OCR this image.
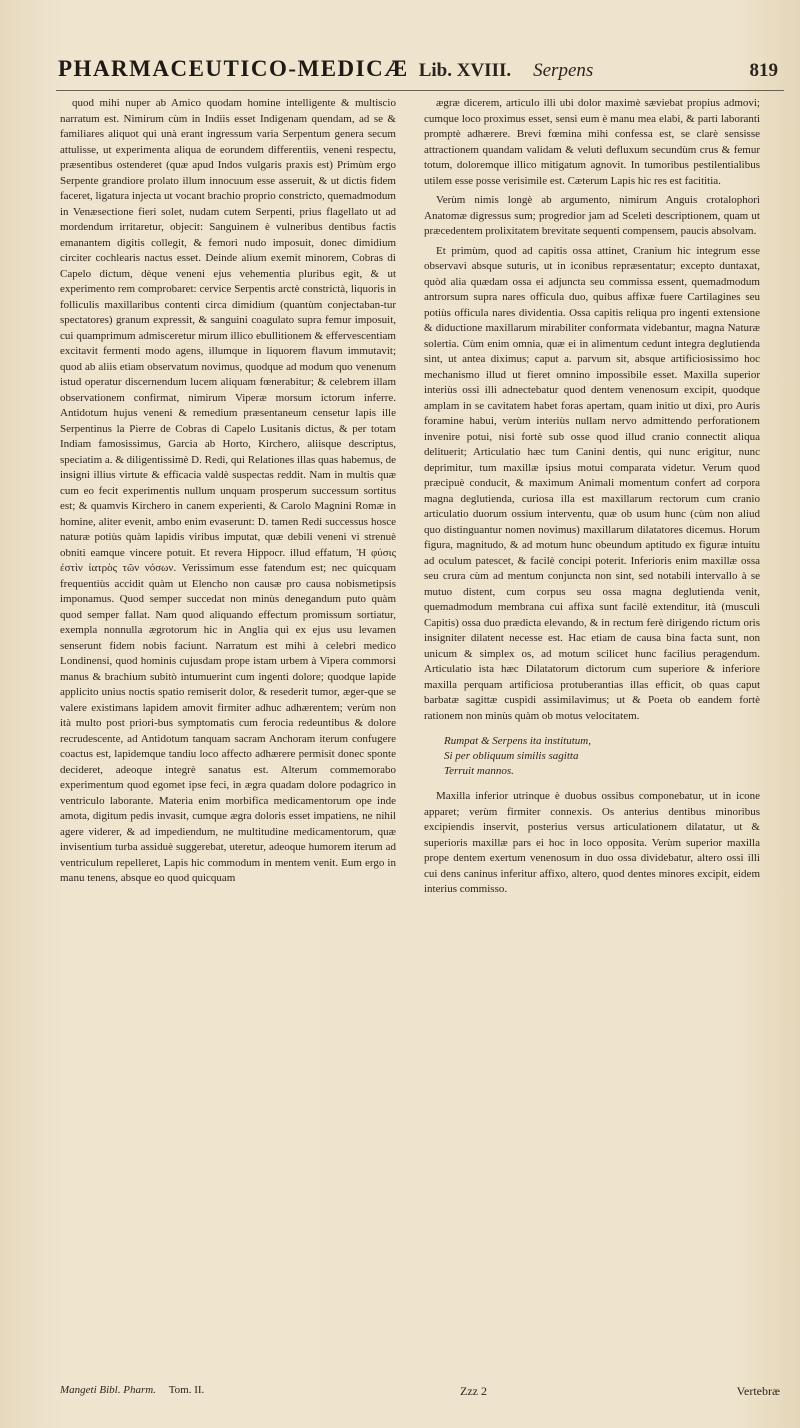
PHARMACEUTICO-MEDICÆ Lib. XVIII. Serpens	819

quod mihi nuper ab Amico quodam homine intelligente & multiscio narratum est. Nimirum cùm in Indiis esset Indigenam quendam, ad se & familiares aliquot qui unà erant ingressum varia Serpentum genera secum attulisse, ut experimenta aliqua de eorundem differentiis, veneni respectu, præsentibus ostenderet (quæ apud Indos vulgaris praxis est) Primùm ergo Serpente grandiore prolato illum innocuum esse asseruit, & ut dictis fidem faceret, ligatura injecta ut vocant brachio proprio constricto, quemadmodum in Venæsectione fieri solet, nudam cutem Serpenti, prius flagellato ut ad mordendum irritaretur, objecit: Sanguinem è vulneribus dentibus factis emanantem digitis collegit, & femori nudo imposuit, donec dimidium circiter cochlearis nactus esset. Deinde alium exemit minorem, Cobras di Capelo dictum, dèque veneni ejus vehementia pluribus egit, & ut experimento rem comprobaret: cervice Serpentis arctè constrictà, liquoris in folliculis maxillaribus contenti circa dimidium (quantùm conjectaban-tur spectatores) granum expressit, & sanguini coagulato supra femur imposuit, cui quamprimum admisceretur mirum illico ebullitionem & effervescentiam excitavit fermenti modo agens, illumque in liquorem flavum immutavit; quod ab aliis etiam observatum novimus, quodque ad modum quo venenum istud operatur discernendum lucem aliquam fœnerabitur; & celebrem illam observationem confirmat, nimirum Viperæ morsum ictorum inferre. Antidotum hujus veneni & remedium præsentaneum censetur lapis ille Serpentinus la Pierre de Cobras di Capelo Lusitanis dictus, & per totam Indiam famosissimus, Garcia ab Horto, Kirchero, aliisque descriptus, speciatim a. & diligentissimè D. Redi, qui Relationes illas quas habemus, de insigni illius virtute & efficacia valdè suspectas reddit. Nam in multis quæ cum eo fecit experimentis nullum unquam prosperum successum sortitus est; & quamvis Kirchero in canem experienti, & Carolo Magnini Romæ in homine, aliter evenit, ambo enim evaserunt: D. tamen Redi successus hosce naturæ potiùs quàm lapidis viribus imputat, quæ debili veneni vi strenuè obniti eamque vincere potuit. Et revera Hippocr. illud effatum, Ἡ φύσις ἐστὶν ἰατρὸς τῶν νόσων. Verissimum esse fatendum est; nec quicquam frequentiùs accidit quàm ut Elencho non causæ pro causa nobismetipsis imponamus. Quod semper succedat non minùs denegandum puto quàm quod semper fallat. Nam quod aliquando effectum promissum sortiatur, exempla nonnulla ægrotorum hic in Anglia qui ex ejus usu levamen senserunt fidem nobis faciunt. Narratum est mihi à celebri medico Londinensi, quod hominis cujusdam prope istam urbem à Vipera commorsi manus & brachium subitò intumuerint cum ingenti dolore; quodque lapide applicito unius noctis spatio remiserit dolor, & resederit tumor, æger-que se valere existimans lapidem amovit firmiter adhuc adhærentem; verùm non ità multo post priori-bus symptomatis cum ferocia redeuntibus & dolore recrudescente, ad Antidotum tanquam sacram Anchoram iterum confugere coactus est, lapidemque tandiu loco affecto adhærere permisit donec sponte decideret, adeoque integrè sanatus est. Alterum commemorabo experimentum quod egomet ipse feci, in ægra quadam dolore podagrico in ventriculo laborante. Materia enim morbifica medicamentorum ope inde amota, digitum pedis invasit, cumque ægra doloris esset impatiens, ne nihil agere viderer, & ad impediendum, ne multitudine medicamentorum, quæ invisentium turba assiduè suggerebat, uteretur, adeoque humorem iterum ad ventriculum repelleret, Lapis hic commodum in mentem venit. Eum ergo in manu tenens, absque eo quod quicquam

ægræ dicerem, articulo illi ubi dolor maximè sæviebat propius admovi; cumque loco proximus esset, sensi eum è manu mea elabi, & parti laboranti promptè adhærere. Brevi fœmina mihi confessa est, se clarè sensisse attractionem quandam validam & veluti defluxum secundùm crus & femur totum, doloremque illico mitigatum agnovit. In tumoribus pestilentialibus utilem esse posse verisimile est. Cæterum Lapis hic res est facititia.

Verùm nimis longè ab argumento, nimirum Anguis crotalophori Anatomæ digressus sum; progredior jam ad Sceleti descriptionem, quam ut præcedentem prolixitatem brevitate sequenti compensem, paucis absolvam.

Et primùm, quod ad capitis ossa attinet, Cranium hic integrum esse observavi absque suturis, ut in iconibus repræsentatur; excepto duntaxat, quòd alia quædam ossa ei adjuncta seu commissa essent, quemadmodum antrorsum supra nares officula duo, quibus affixæ fuere Cartilagines seu potiùs officula nares dividentia. Ossa capitis reliqua pro ingenti extensione & diductione maxillarum mirabiliter conformata videbantur, magna Naturæ solertia. Cùm enim omnia, quæ ei in alimentum cedunt integra deglutienda sint, ut antea diximus; caput a. parvum sit, absque artificiosissimo hoc mechanismo illud ut fieret omnino impossibile esset. Maxilla superior interiùs ossi illi adnectebatur quod dentem venenosum excipit, quodque amplam in se cavitatem habet foras apertam, quam initio ut dixi, pro Auris foramine habui, verùm interiùs nullam nervo admittendo perforationem invenire potui, nisi fortè sub osse quod illud cranio connectit aliqua delituerit; Articulatio hæc tum Canini dentis, qui nunc erigitur, nunc deprimitur, tum maxillæ ipsius motui comparata videtur. Verum quod præcipuè conducit, & maximum Animali momentum confert ad corpora magna deglutienda, curiosa illa est maxillarum rectorum cum cranio articulatio duorum ossium interventu, quæ ob usum hunc (cùm non aliud quo distinguantur nomen novimus) maxillarum dilatatores dicemus. Horum figura, magnitudo, & ad motum hunc obeundum aptitudo ex figuræ intuitu ad oculum patescet, & facilè concipi poterit. Inferioris enim maxillæ ossa seu crura cùm ad mentum conjuncta non sint, sed notabili intervallo à se mutuo distent, cum corpus seu ossa magna deglutienda venit, quemadmodum membrana cui affixa sunt facilè extenditur, ità (musculi Capitis) ossa duo prædicta elevando, & in rectum ferè dirigendo rictum oris insigniter dilatent necesse est. Hac etiam de causa bina facta sunt, non unicum & simplex os, ad motum scilicet hunc facilius peragendum. Articulatio ista hæc Dilatatorum dictorum cum superiore & inferiore maxilla perquam artificiosa protuberantias illas efficit, ob quas caput barbatæ sagittæ cuspidi assimilavimus; ut & Poeta ob eandem fortè rationem non minùs quàm ob motus velocitatem.

Rumpat & Serpens ita institutum,
Si per obliquum similis sagitta
Terruit mannos.

Maxilla inferior utrinque è duobus ossibus componebatur, ut in icone apparet; verùm firmiter connexis. Os anterius dentibus minoribus excipiendis inservit, posterius versus articulationem dilatatur, ut & superioris maxillæ pars ei hoc in loco opposita. Verùm superior maxilla prope dentem exertum venenosum in duo ossa dividebatur, altero ossi illi cui dens caninus inferitur affixo, altero, quod dentes minores excipit, eidem interius commisso.

Mangeti Bibl. Pharm. Tom. II.	Zzz 2	Vertebræ
